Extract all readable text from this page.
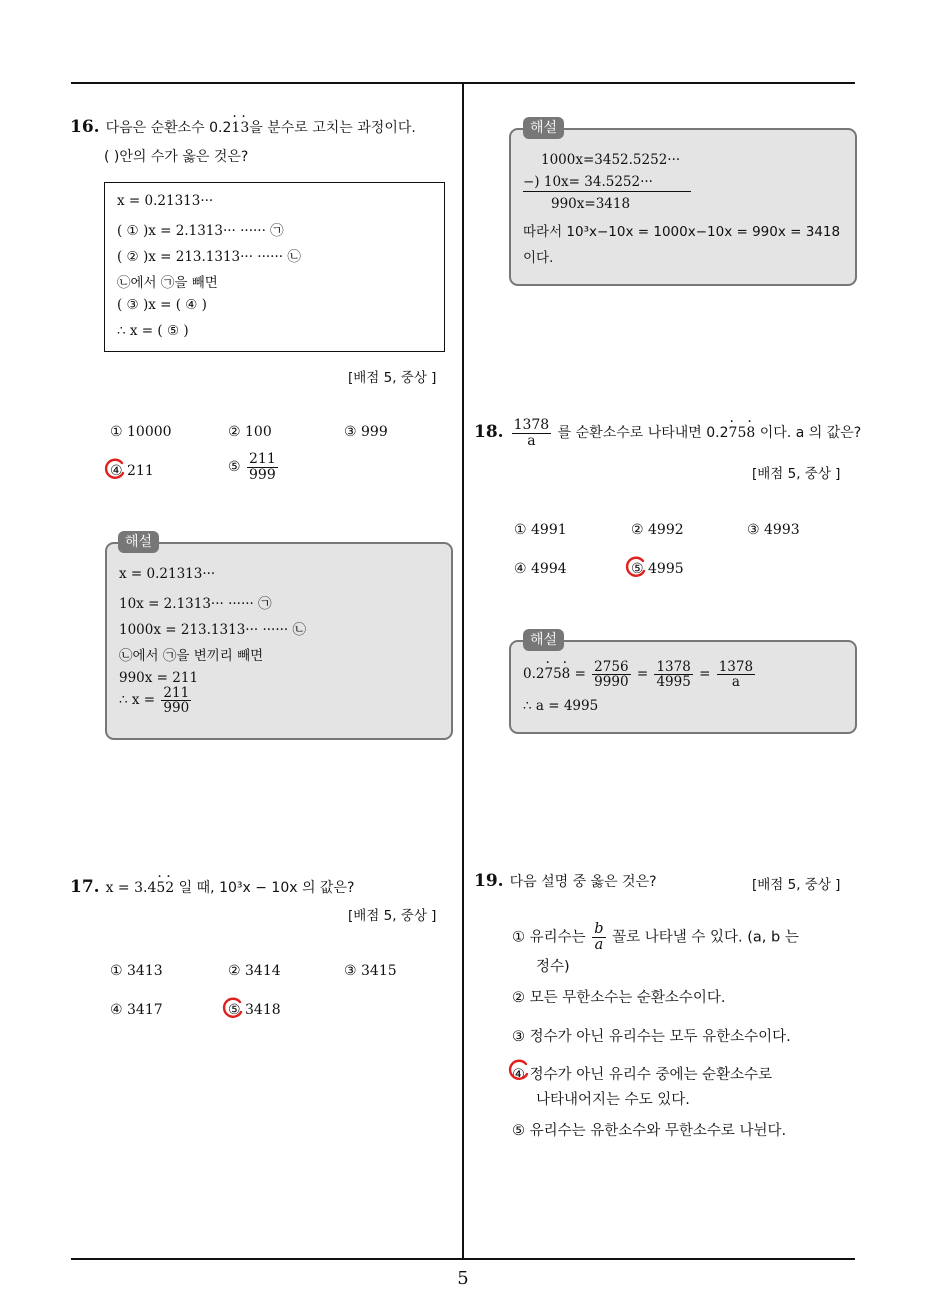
5
16. 다음은 순환소수 0.2· 1· 3을 분수로 고치는 과정이다.
( )안의 수가 옳은 것은?
x = 0.21313···
( ① )x = 2.1313··· ······ ㉠
( ② )x = 213.1313··· ······ ㉡
㉡에서 ㉠을 빼면
( ③ )x = ( ④ )
∴ x = ( ⑤ )
[배점 5, 중상 ]
① 10000	② 100	③ 999
④ 211	⑤ $\frac{211}{999}$
x = 0.21313···
10x = 2.1313··· ······ ㉠
1000x = 213.1313··· ······ ㉡
㉡에서 ㉠을 변끼리 빼면
990x = 211
∴ $x = \frac{211}{990}$
해설
17. x = 3.4· 5· 2 일 때, 10³x − 10x 의 값은?
[배점 5, 중상 ]
① 3413	② 3414	③ 3415
④ 3417	⑤ 3418
1000x=3452.5252···
−) 10x= 34.5252···
990x=3418
따라서 10³x−10x = 1000x−10x = 990x = 3418
이다.
해설
18. $\frac{1378}{a}$ 를 순환소수로 나타내면 0.2· 75· 8 이다. a 의 값은?
[배점 5, 중상 ]
① 4991	② 4992	③ 4993
④ 4994	⑤ 4995
$0.2\cdot 75\cdot 8 = \frac{2756}{9990} = \frac{1378}{4995} = \frac{1378}{a}$
∴ a = 4995
해설
19. 다음 설명 중 옳은 것은?	[배점 5, 중상 ]
① 유리수는 $\frac{b}{a}$ 꼴로 나타낼 수 있다. (a, b 는
정수)
② 모든 무한소수는 순환소수이다.
③ 정수가 아닌 유리수는 모두 유한소수이다.
④ 정수가 아닌 유리수 중에는 순환소수로
나타내어지는 수도 있다.
⑤ 유리수는 유한소수와 무한소수로 나뉜다.
